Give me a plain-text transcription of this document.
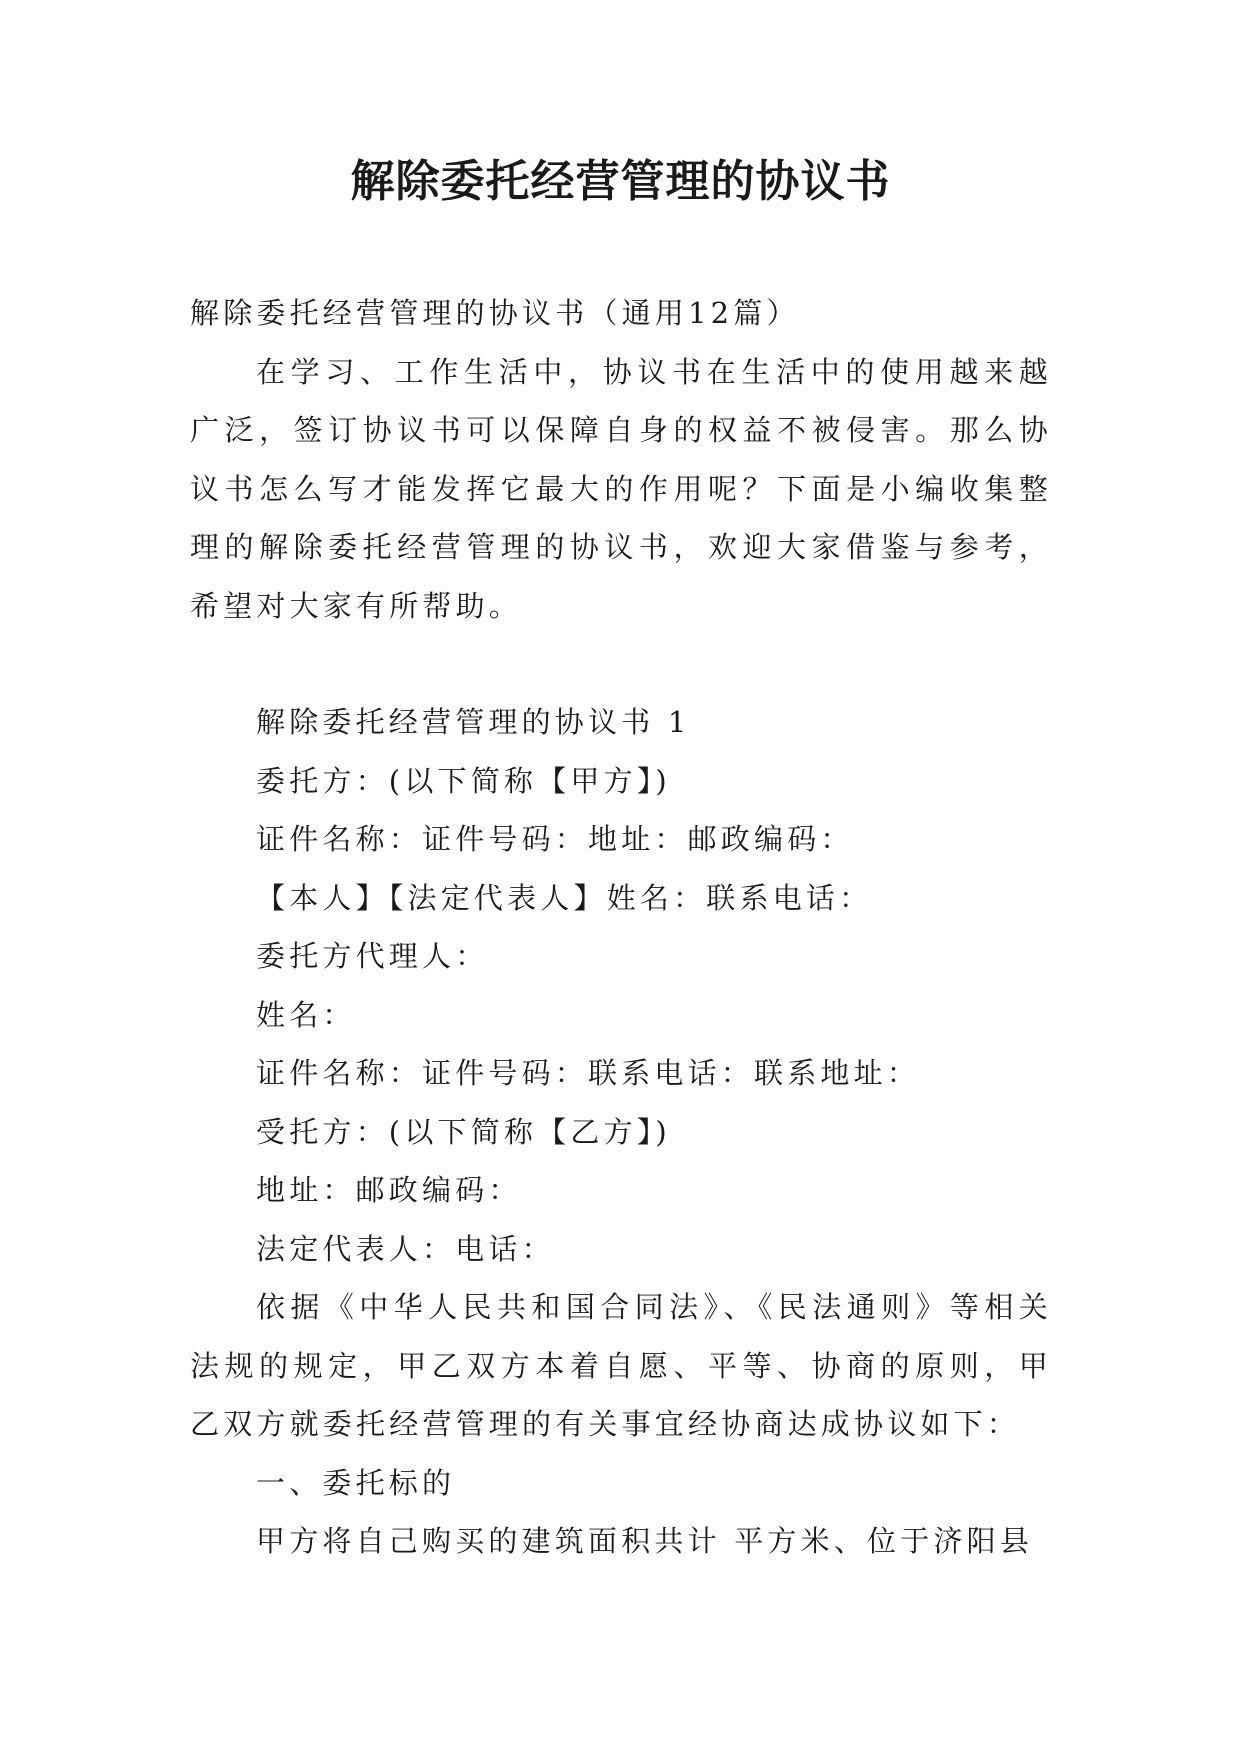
解除委托经营管理的协议书

解除委托经营管理的协议书（通用12篇）

在学习、工作生活中，协议书在生活中的使用越来越广泛，签订协议书可以保障自身的权益不被侵害。那么协议书怎么写才能发挥它最大的作用呢？下面是小编收集整理的解除委托经营管理的协议书，欢迎大家借鉴与参考，希望对大家有所帮助。

解除委托经营管理的协议书 1

委托方：(以下简称【甲方】)

证件名称：证件号码：地址：邮政编码：

【本人】【法定代表人】姓名：联系电话：

委托方代理人：

姓名：

证件名称：证件号码：联系电话：联系地址：

受托方：(以下简称【乙方】)

地址：邮政编码：

法定代表人：电话：

依据《中华人民共和国合同法》、《民法通则》等相关法规的规定，甲乙双方本着自愿、平等、协商的原则，甲乙双方就委托经营管理的有关事宜经协商达成协议如下：

一、委托标的

甲方将自己购买的建筑面积共计 平方米、位于济阳县
